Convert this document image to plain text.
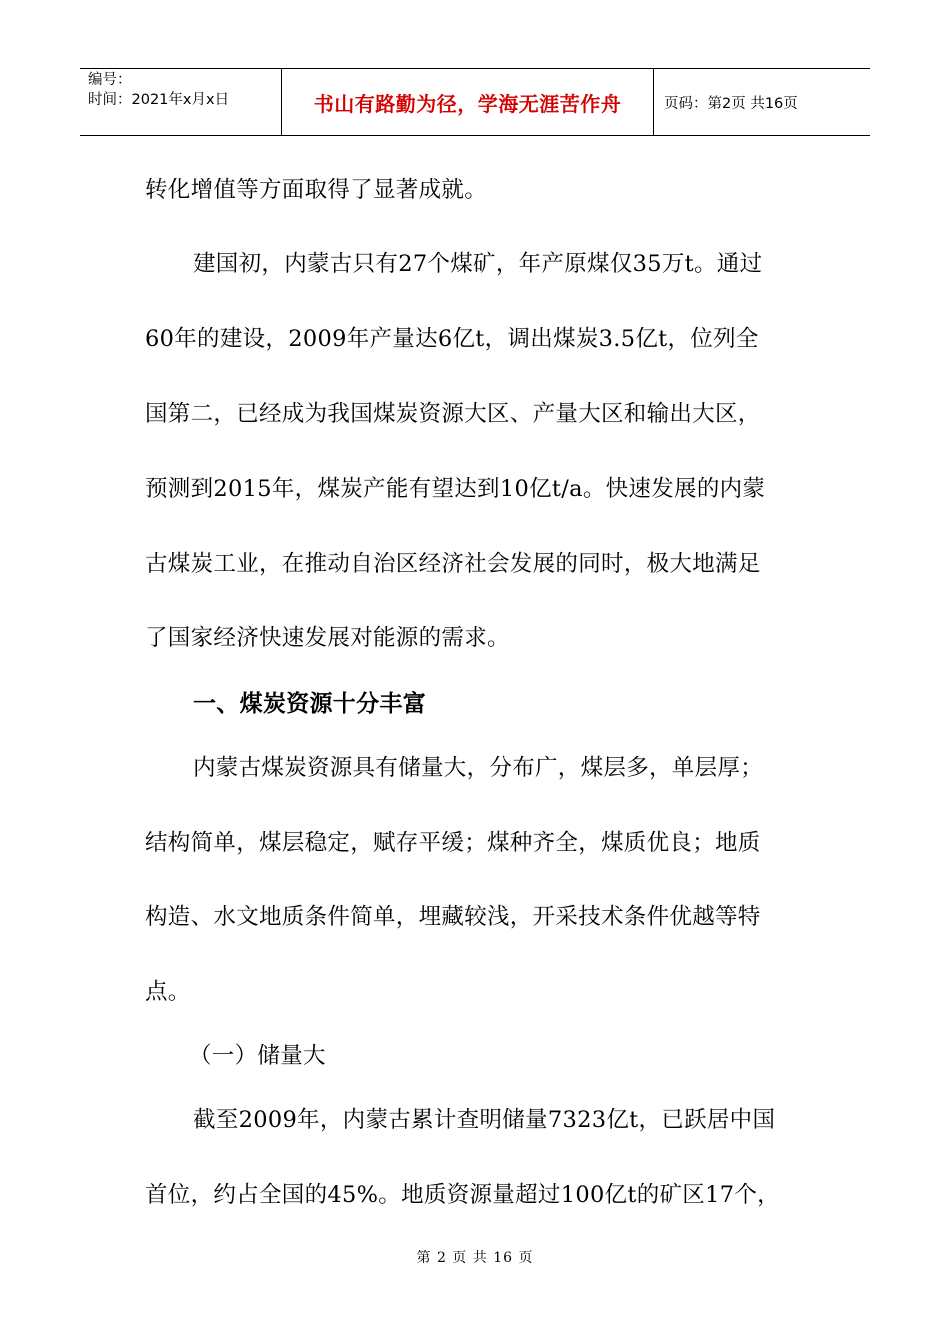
编号：
时间：2021年x月x日	书山有路勤为径，学海无涯苦作舟	页码：第2页 共16页
转化增值等方面取得了显著成就。
建国初，内蒙古只有27个煤矿，年产原煤仅35万t。通过
60年的建设，2009年产量达6亿t，调出煤炭3.5亿t，位列全
国第二，已经成为我国煤炭资源大区、产量大区和输出大区，
预测到2015年，煤炭产能有望达到10亿t/a。快速发展的内蒙
古煤炭工业，在推动自治区经济社会发展的同时，极大地满足
了国家经济快速发展对能源的需求。
一、煤炭资源十分丰富
内蒙古煤炭资源具有储量大，分布广，煤层多，单层厚；
结构简单，煤层稳定，赋存平缓；煤种齐全，煤质优良；地质
构造、水文地质条件简单，埋藏较浅，开采技术条件优越等特
点。
（一）储量大
截至2009年，内蒙古累计查明储量7323亿t，已跃居中国
首位，约占全国的45%。地质资源量超过100亿t的矿区17个，
第 2 页 共 16 页
